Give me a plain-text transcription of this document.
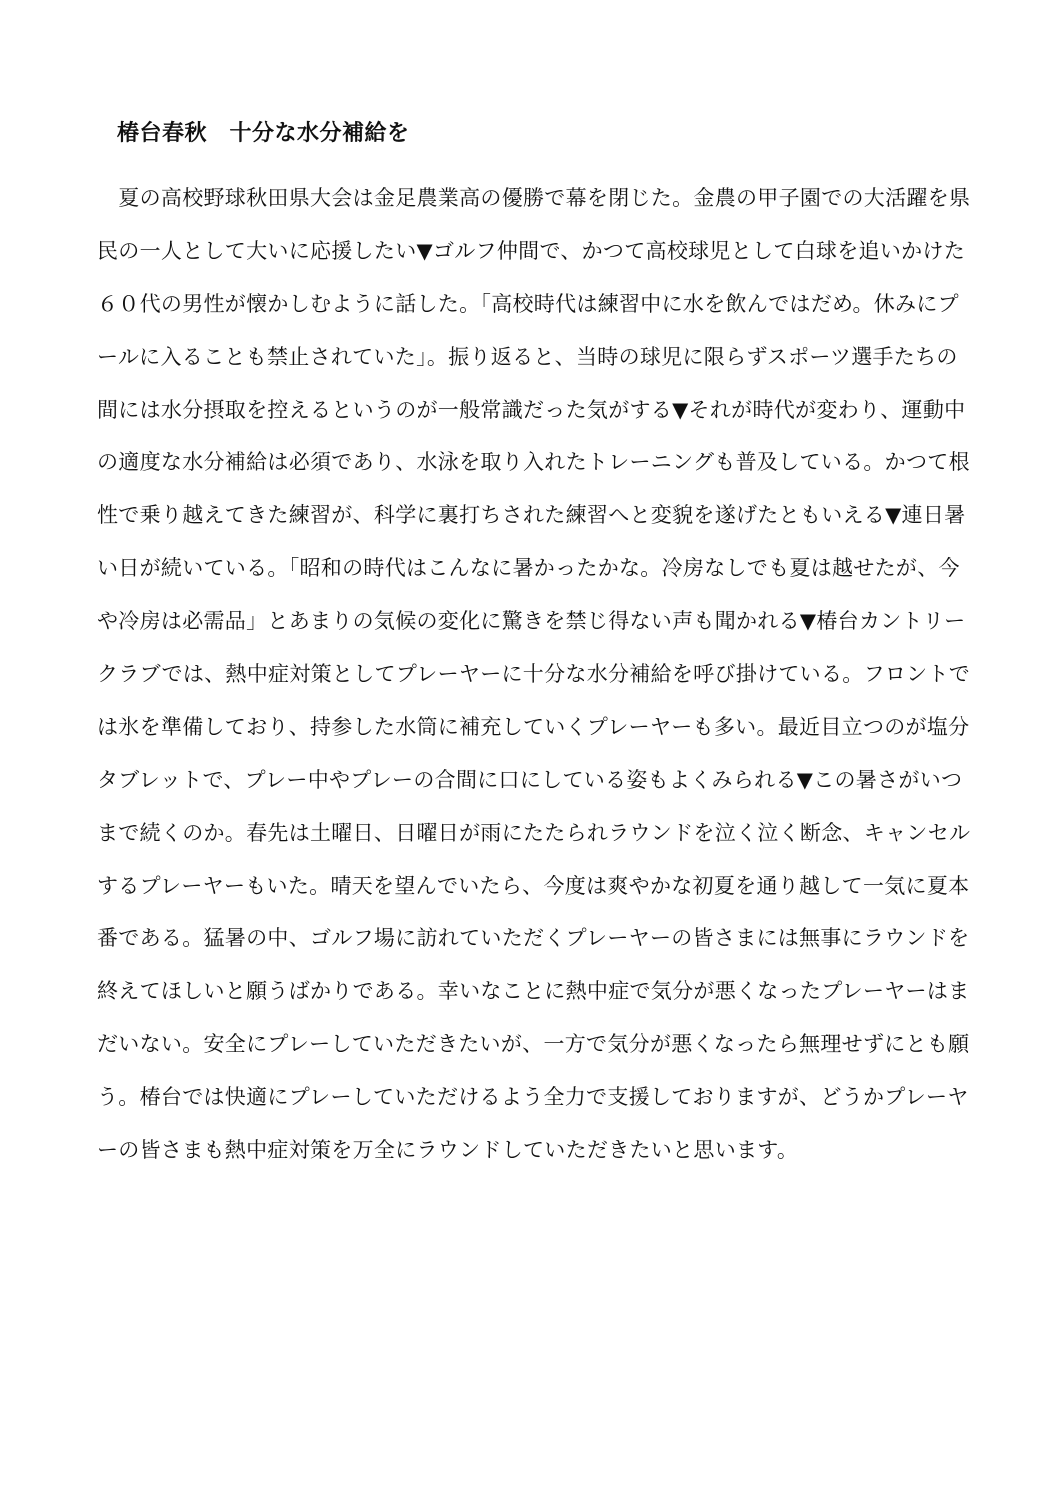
椿台春秋　十分な水分補給を
　夏の高校野球秋田県大会は金足農業高の優勝で幕を閉じた。金農の甲子園での大活躍を県
民の一人として大いに応援したい▼ゴルフ仲間で、かつて高校球児として白球を追いかけた
６０代の男性が懐かしむように話した。「高校時代は練習中に水を飲んではだめ。休みにプ
ールに入ることも禁止されていた」。振り返ると、当時の球児に限らずスポーツ選手たちの
間には水分摂取を控えるというのが一般常識だった気がする▼それが時代が変わり、運動中
の適度な水分補給は必須であり、水泳を取り入れたトレーニングも普及している。かつて根
性で乗り越えてきた練習が、科学に裏打ちされた練習へと変貌を遂げたともいえる▼連日暑
い日が続いている。「昭和の時代はこんなに暑かったかな。冷房なしでも夏は越せたが、今
や冷房は必需品」とあまりの気候の変化に驚きを禁じ得ない声も聞かれる▼椿台カントリー
クラブでは、熱中症対策としてプレーヤーに十分な水分補給を呼び掛けている。フロントで
は氷を準備しており、持参した水筒に補充していくプレーヤーも多い。最近目立つのが塩分
タブレットで、プレー中やプレーの合間に口にしている姿もよくみられる▼この暑さがいつ
まで続くのか。春先は土曜日、日曜日が雨にたたられラウンドを泣く泣く断念、キャンセル
するプレーヤーもいた。晴天を望んでいたら、今度は爽やかな初夏を通り越して一気に夏本
番である。猛暑の中、ゴルフ場に訪れていただくプレーヤーの皆さまには無事にラウンドを
終えてほしいと願うばかりである。幸いなことに熱中症で気分が悪くなったプレーヤーはま
だいない。安全にプレーしていただきたいが、一方で気分が悪くなったら無理せずにとも願
う。椿台では快適にプレーしていただけるよう全力で支援しておりますが、どうかプレーヤ
ーの皆さまも熱中症対策を万全にラウンドしていただきたいと思います。
